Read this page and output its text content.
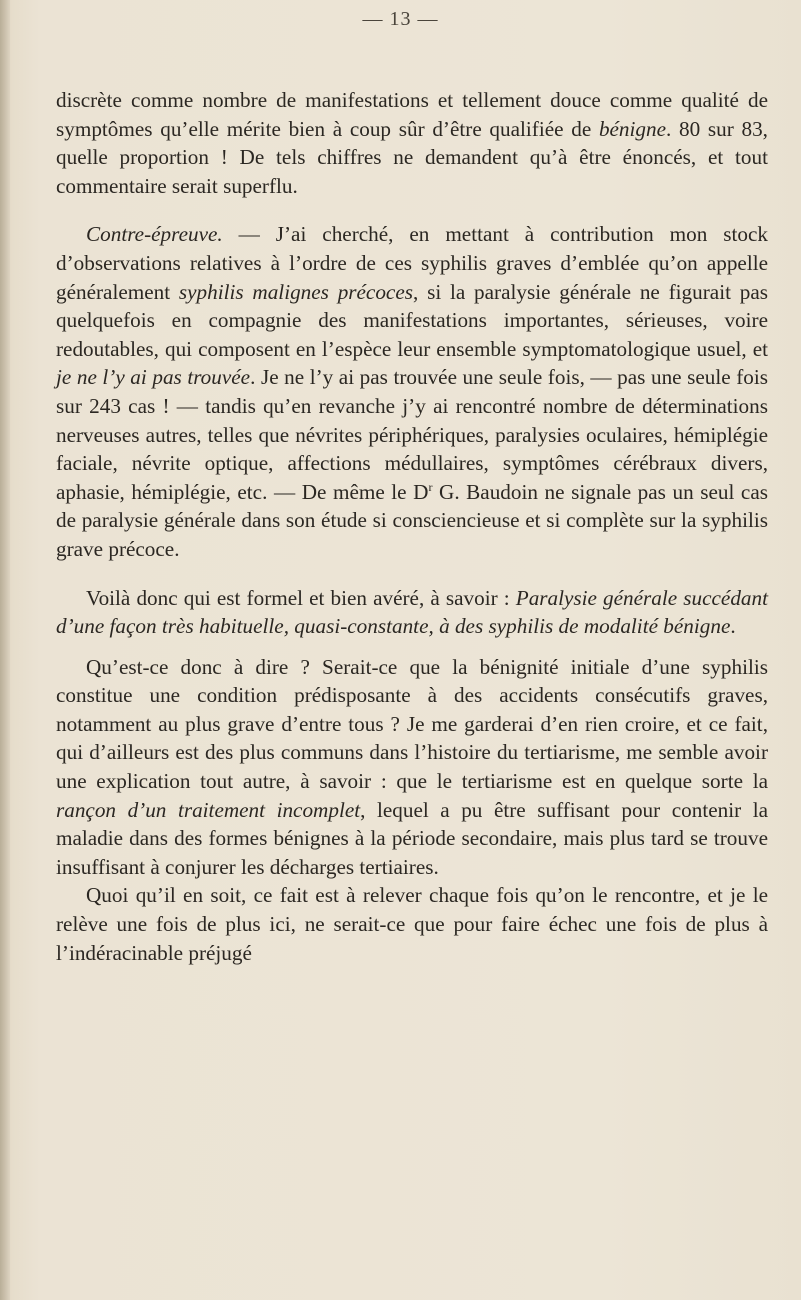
— 13 —

discrète comme nombre de manifestations et tellement douce comme qualité de symptômes qu’elle mérite bien à coup sûr d’être qualifiée de bénigne. 80 sur 83, quelle proportion ! De tels chiffres ne demandent qu’à être énoncés, et tout commentaire serait superflu.

Contre-épreuve. — J’ai cherché, en mettant à contribution mon stock d’observations relatives à l’ordre de ces syphilis graves d’emblée qu’on appelle généralement syphilis malignes précoces, si la paralysie générale ne figurait pas quelquefois en compagnie des manifestations importantes, sérieuses, voire redoutables, qui composent en l’espèce leur ensemble symptomatologique usuel, et je ne l’y ai pas trouvée. Je ne l’y ai pas trouvée une seule fois, — pas une seule fois sur 243 cas ! — tandis qu’en revanche j’y ai rencontré nombre de déterminations nerveuses autres, telles que névrites périphériques, paralysies oculaires, hémiplégie faciale, névrite optique, affections médullaires, symptômes cérébraux divers, aphasie, hémiplégie, etc. — De même le $D^r$ G. Baudoin ne signale pas un seul cas de paralysie générale dans son étude si consciencieuse et si complète sur la syphilis grave précoce.

Voilà donc qui est formel et bien avéré, à savoir : Paralysie générale succédant d’une façon très habituelle, quasi-constante, à des syphilis de modalité bénigne.

Qu’est-ce donc à dire ? Serait-ce que la bénignité initiale d’une syphilis constitue une condition prédisposante à des accidents consécutifs graves, notamment au plus grave d’entre tous ? Je me garderai d’en rien croire, et ce fait, qui d’ailleurs est des plus communs dans l’histoire du tertiarisme, me semble avoir une explication tout autre, à savoir : que le tertiarisme est en quelque sorte la rançon d’un traitement incomplet, lequel a pu être suffisant pour contenir la maladie dans des formes bénignes à la période secondaire, mais plus tard se trouve insuffisant à conjurer les décharges tertiaires.

Quoi qu’il en soit, ce fait est à relever chaque fois qu’on le rencontre, et je le relève une fois de plus ici, ne serait-ce que pour faire échec une fois de plus à l’indéracinable préjugé
